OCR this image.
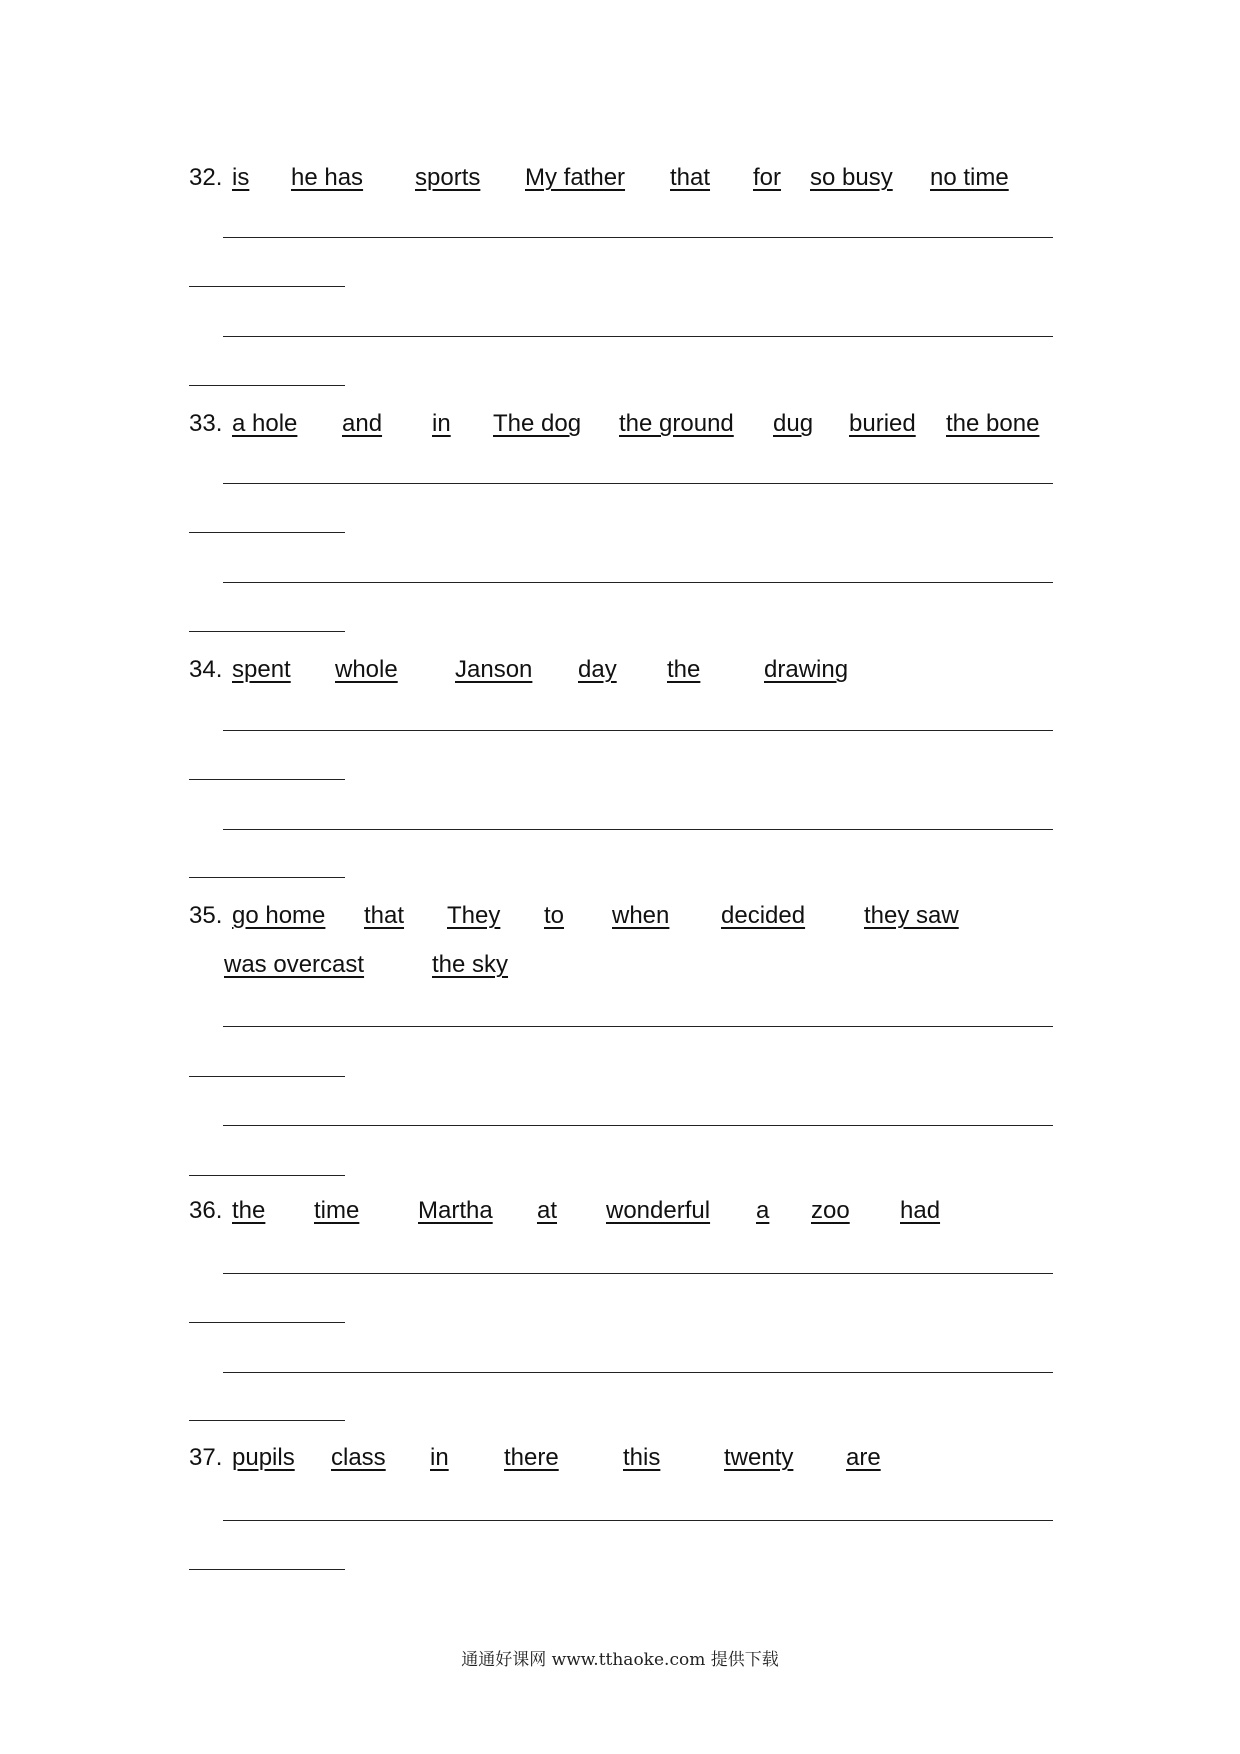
32. is he has sports My father that for so busy no time
33. a hole and in The dog the ground dug buried the bone
34. spent whole Janson day the	drawing
35. go home that They to when decided they saw
was overcast	the sky
36. the time Martha at wonderful a zoo had
37. pupils class in there	this	twenty are
通通好课网 www.tthaoke.com 提供下载
